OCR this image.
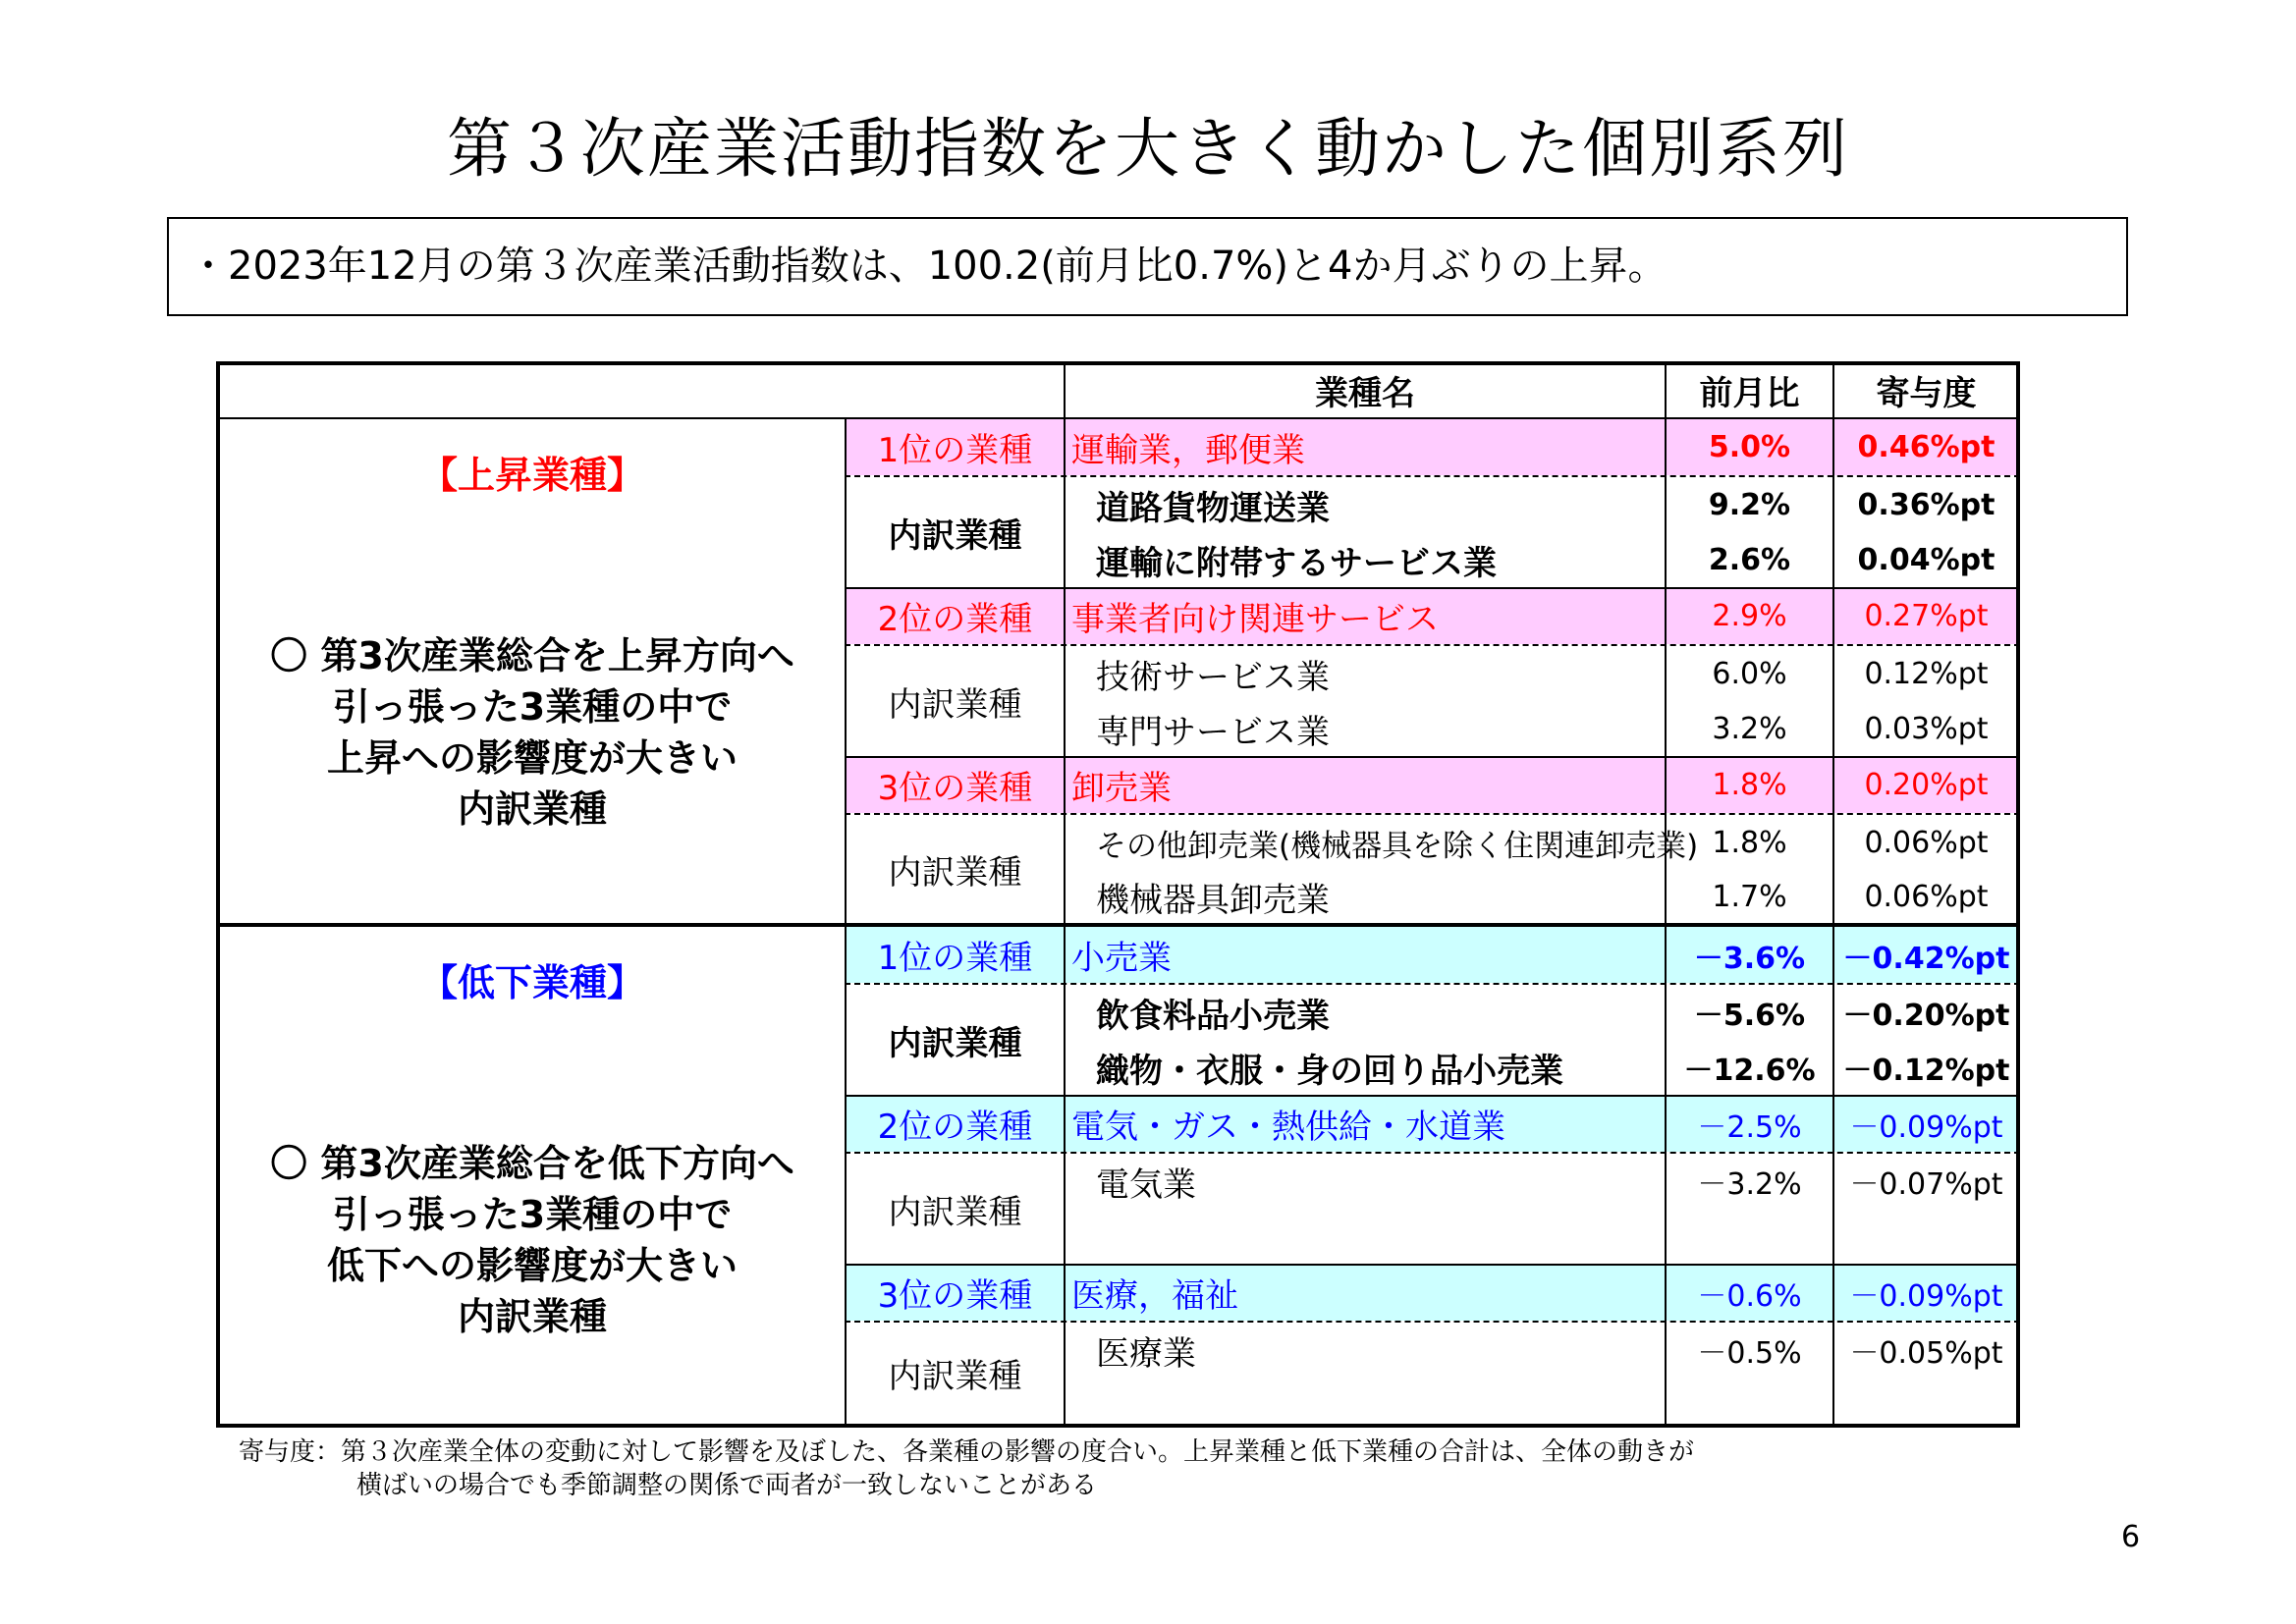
第３次産業活動指数を大きく動かした個別系列
・2023年12月の第３次産業活動指数は、100.2(前月比0.7%)と4か月ぶりの上昇。
業種名	前月比	寄与度
【上昇業種】
〇 第3次産業総合を上昇方向へ
引っ張った3業種の中で
上昇への影響度が大きい
内訳業種
【低下業種】
〇 第3次産業総合を低下方向へ
引っ張った3業種の中で
低下への影響度が大きい
内訳業種
1位の業種	運輸業，郵便業	5.0%	0.46%pt
内訳業種
道路貨物運送業	9.2%	0.36%pt
運輸に附帯するサービス業	2.6%	0.04%pt
2位の業種	事業者向け関連サービス	2.9%	0.27%pt
内訳業種
技術サービス業	6.0%	0.12%pt
専門サービス業	3.2%	0.03%pt
3位の業種	卸売業	1.8%	0.20%pt
内訳業種
その他卸売業(機械器具を除く住関連卸売業) 1.8%	0.06%pt
機械器具卸売業	1.7%	0.06%pt
1位の業種	小売業	－3.6%	－0.42%pt
内訳業種
飲食料品小売業	－5.6%	－0.20%pt
織物・衣服・身の回り品小売業	－12.6% －0.12%pt
2位の業種	電気・ガス・熱供給・水道業	－2.5%	－0.09%pt
内訳業種
電気業	－3.2%	－0.07%pt
3位の業種	医療，福祉	－0.6%	－0.09%pt
内訳業種
医療業	－0.5%	－0.05%pt
寄与度：第３次産業全体の変動に対して影響を及ぼした、各業種の影響の度合い。上昇業種と低下業種の合計は、全体の動きが
横ばいの場合でも季節調整の関係で両者が一致しないことがある
6
